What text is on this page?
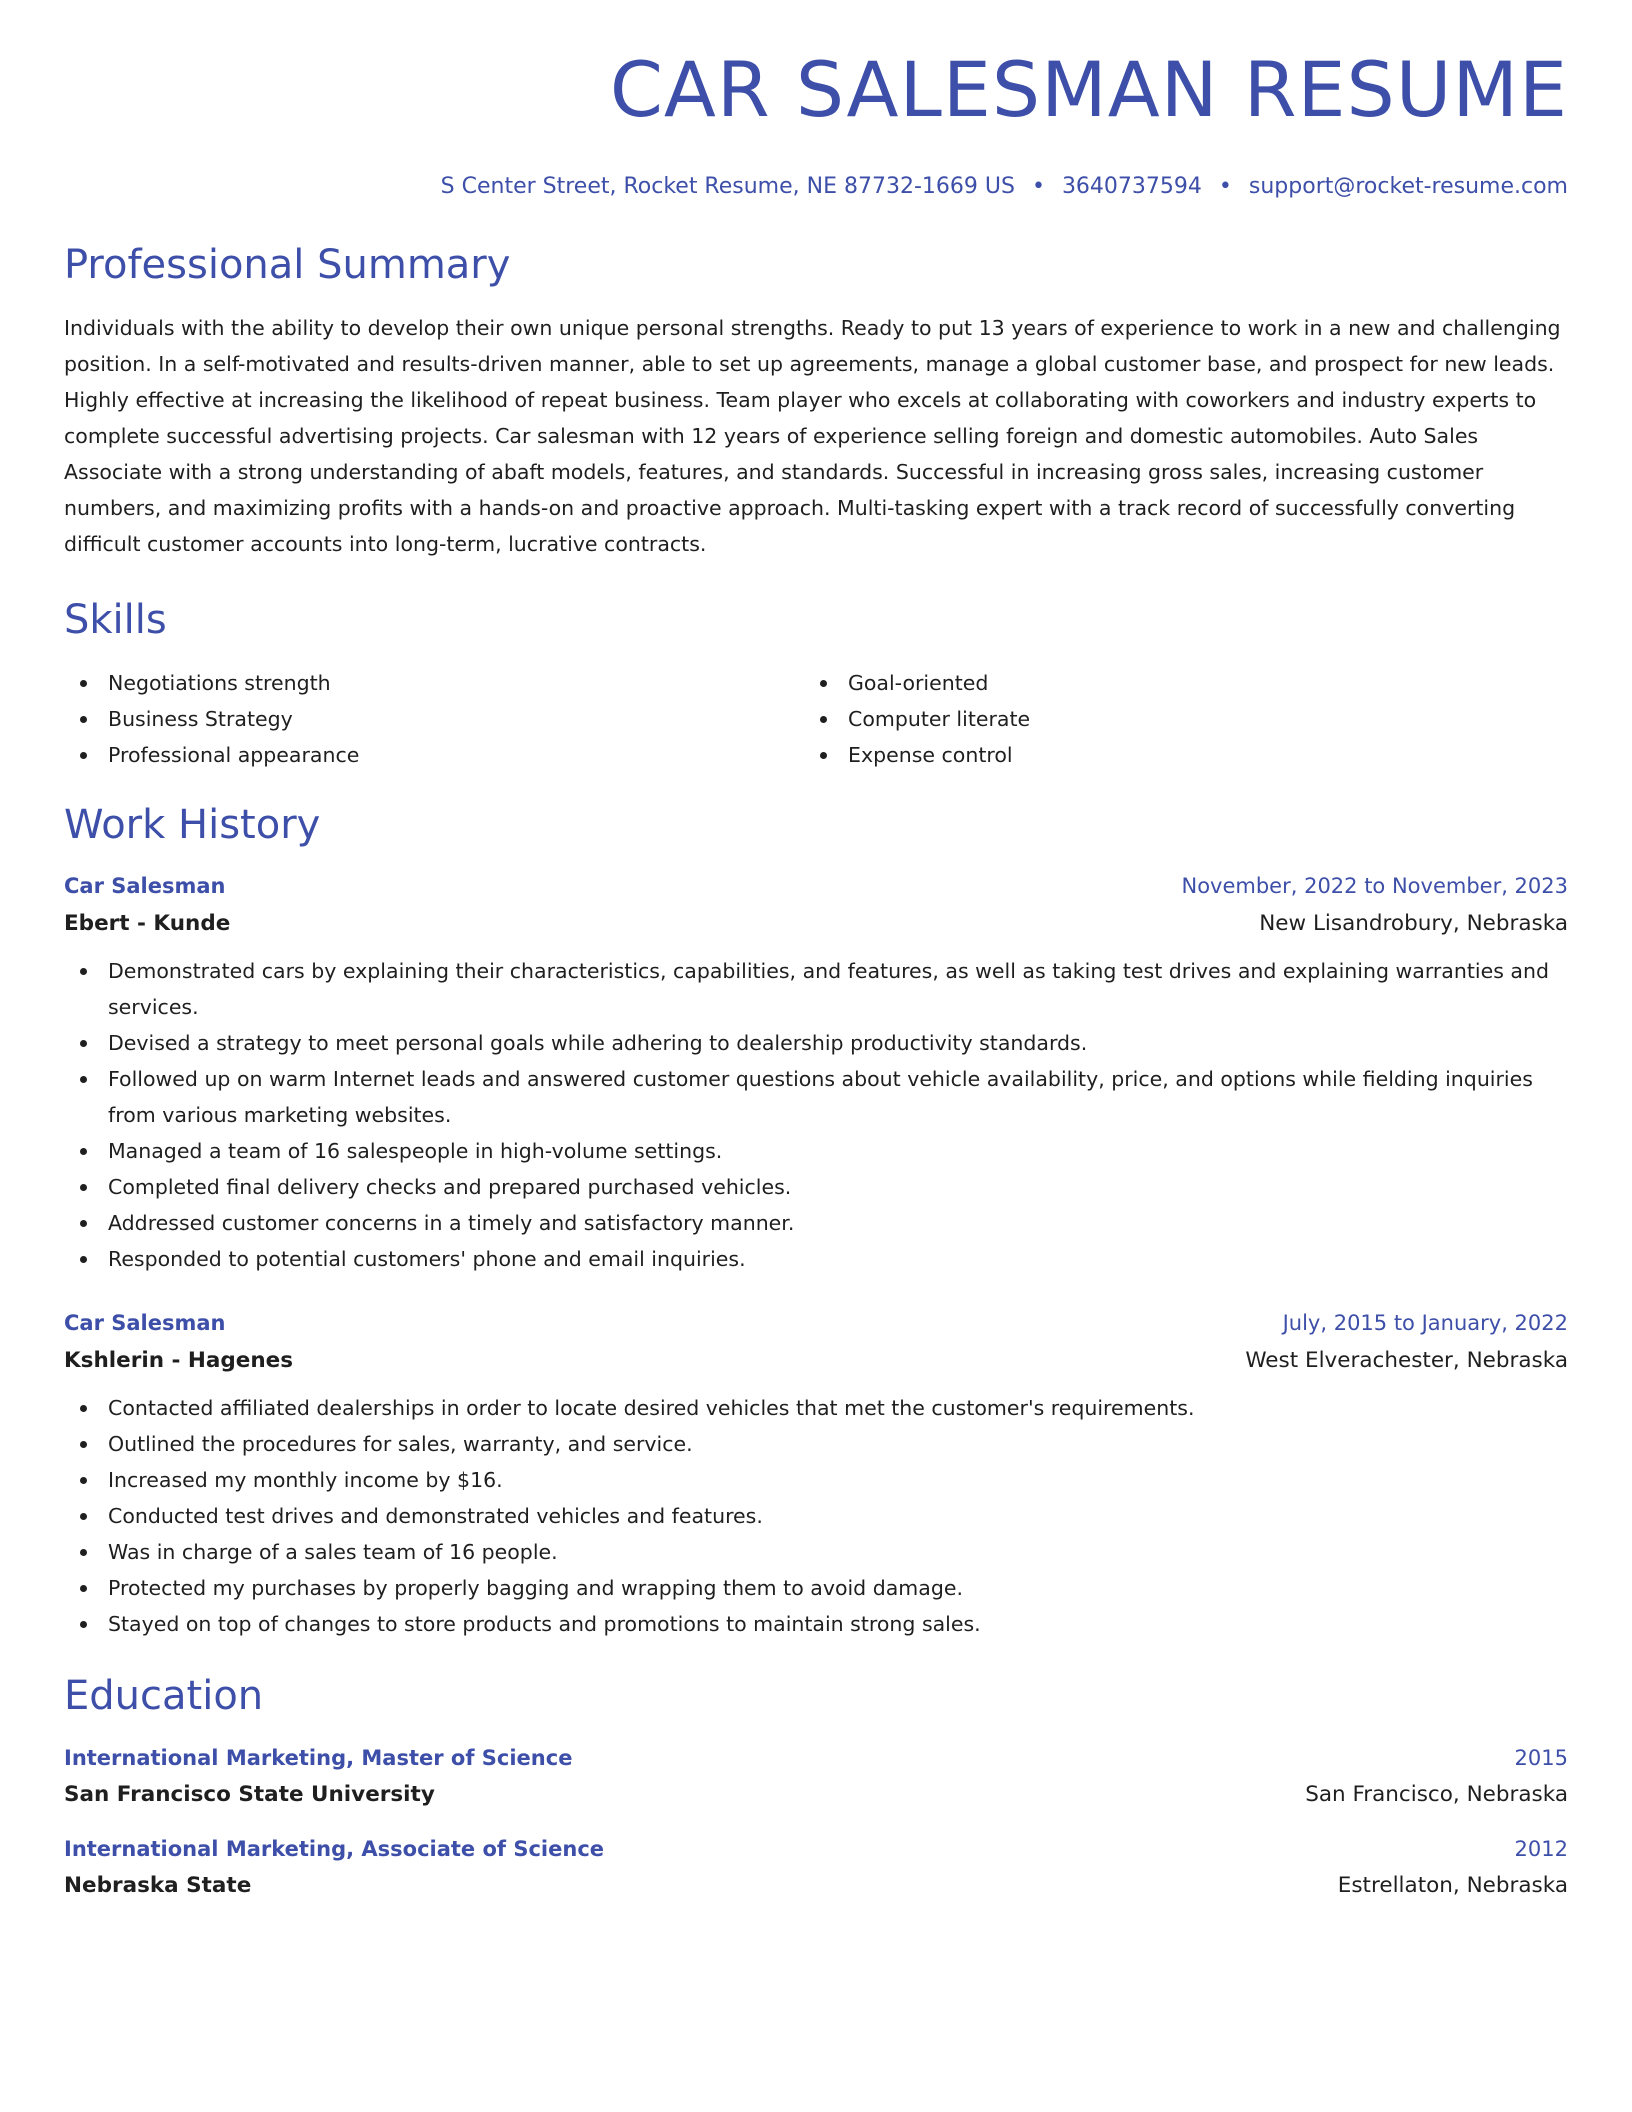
CAR SALESMAN RESUME
S Center Street, Rocket Resume, NE 87732-1669 US • 3640737594 • support@rocket-resume.com
Professional Summary

Individuals with the ability to develop their own unique personal strengths. Ready to put 13 years of experience to work in a new and challenging position. In a self-motivated and results-driven manner, able to set up agreements, manage a global customer base, and prospect for new leads. Highly effective at increasing the likelihood of repeat business. Team player who excels at collaborating with coworkers and industry experts to complete successful advertising projects. Car salesman with 12 years of experience selling foreign and domestic automobiles. Auto Sales Associate with a strong understanding of abaft models, features, and standards. Successful in increasing gross sales, increasing customer numbers, and maximizing profits with a hands-on and proactive approach. Multi-tasking expert with a track record of successfully converting difficult customer accounts into long-term, lucrative contracts.

Skills
Negotiations strength
Business Strategy
Professional appearance
Goal-oriented
Computer literate
Expense control
Work History
Car Salesman	November, 2022 to November, 2023
Ebert - Kunde	New Lisandrobury, Nebraska
Demonstrated cars by explaining their characteristics, capabilities, and features, as well as taking test drives and explaining warranties and services.
Devised a strategy to meet personal goals while adhering to dealership productivity standards.
Followed up on warm Internet leads and answered customer questions about vehicle availability, price, and options while fielding inquiries from various marketing websites.
Managed a team of 16 salespeople in high-volume settings.
Completed final delivery checks and prepared purchased vehicles.
Addressed customer concerns in a timely and satisfactory manner.
Responded to potential customers' phone and email inquiries.
Car Salesman	July, 2015 to January, 2022
Kshlerin - Hagenes	West Elverachester, Nebraska
Contacted affiliated dealerships in order to locate desired vehicles that met the customer's requirements.
Outlined the procedures for sales, warranty, and service.
Increased my monthly income by $16.
Conducted test drives and demonstrated vehicles and features.
Was in charge of a sales team of 16 people.
Protected my purchases by properly bagging and wrapping them to avoid damage.
Stayed on top of changes to store products and promotions to maintain strong sales.
Education
International Marketing, Master of Science	2015
San Francisco State University	San Francisco, Nebraska
International Marketing, Associate of Science	2012
Nebraska State	Estrellaton, Nebraska
